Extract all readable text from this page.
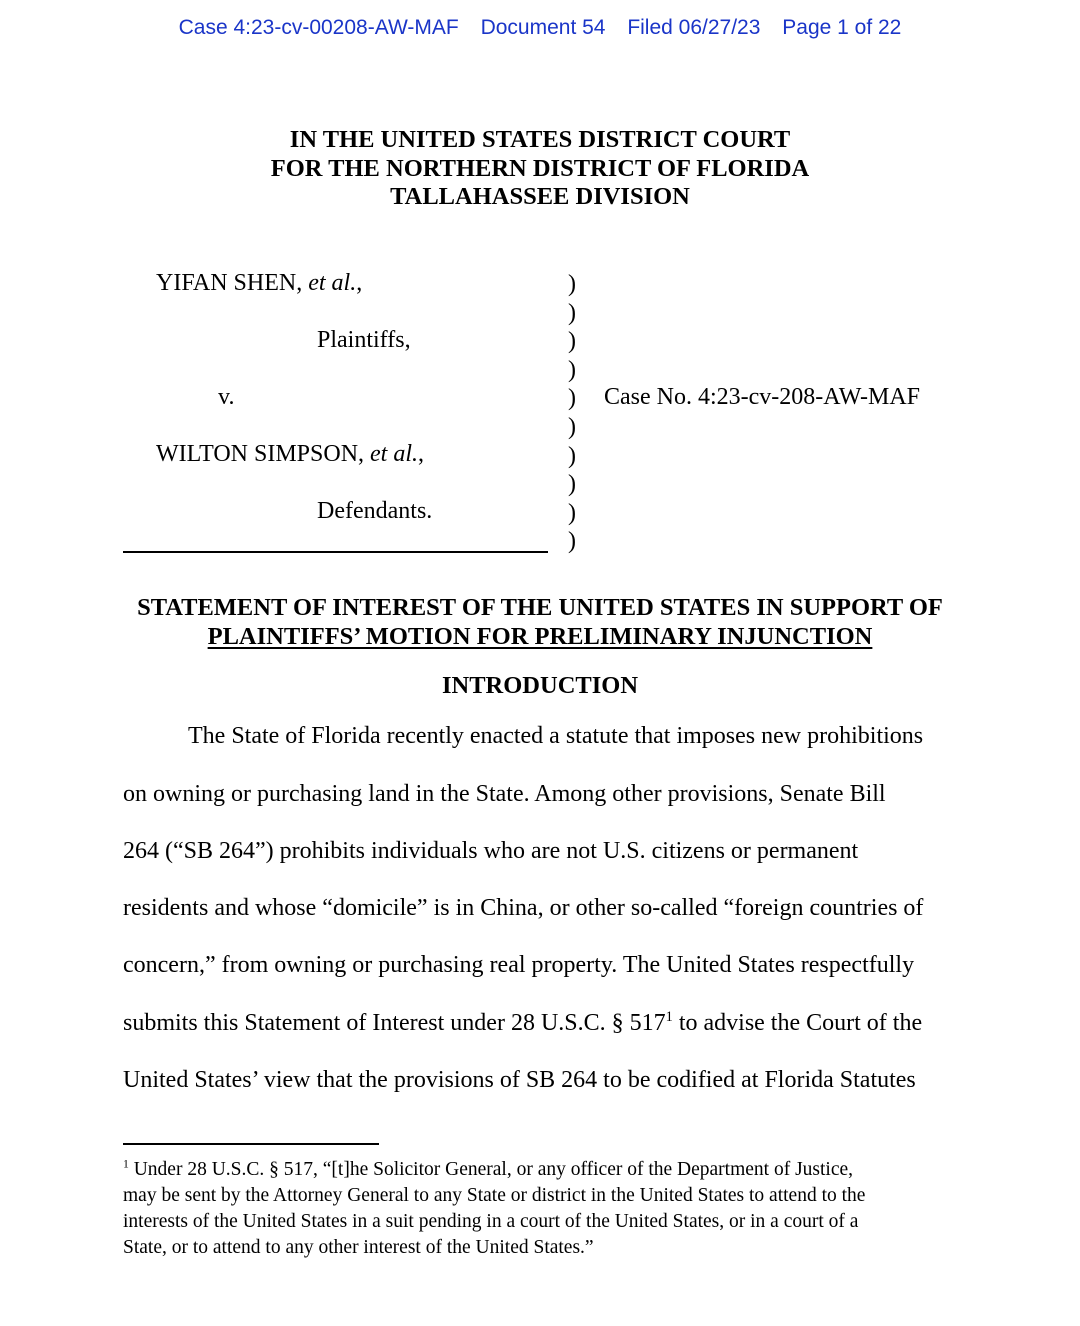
Case 4:23-cv-00208-AW-MAF Document 54 Filed 06/27/23 Page 1 of 22
IN THE UNITED STATES DISTRICT COURT
FOR THE NORTHERN DISTRICT OF FLORIDA
TALLAHASSEE DIVISION
YIFAN SHEN, et al.,
Plaintiffs,
v.
WILTON SIMPSON, et al.,
Defendants.
)
)
)
)
)
)
)
)
)
)
Case No. 4:23-cv-208-AW-MAF
STATEMENT OF INTEREST OF THE UNITED STATES IN SUPPORT OF
PLAINTIFFS’ MOTION FOR PRELIMINARY INJUNCTION
INTRODUCTION
The State of Florida recently enacted a statute that imposes new prohibitions
on owning or purchasing land in the State. Among other provisions, Senate Bill
264 (“SB 264”) prohibits individuals who are not U.S. citizens or permanent
residents and whose “domicile” is in China, or other so-called “foreign countries of
concern,” from owning or purchasing real property. The United States respectfully
submits this Statement of Interest under 28 U.S.C. § $517^1$ to advise the Court of the
United States’ view that the provisions of SB 264 to be codified at Florida Statutes
$^1$ Under 28 U.S.C. § 517, “[t]he Solicitor General, or any officer of the Department of Justice,
may be sent by the Attorney General to any State or district in the United States to attend to the
interests of the United States in a suit pending in a court of the United States, or in a court of a
State, or to attend to any other interest of the United States.”
